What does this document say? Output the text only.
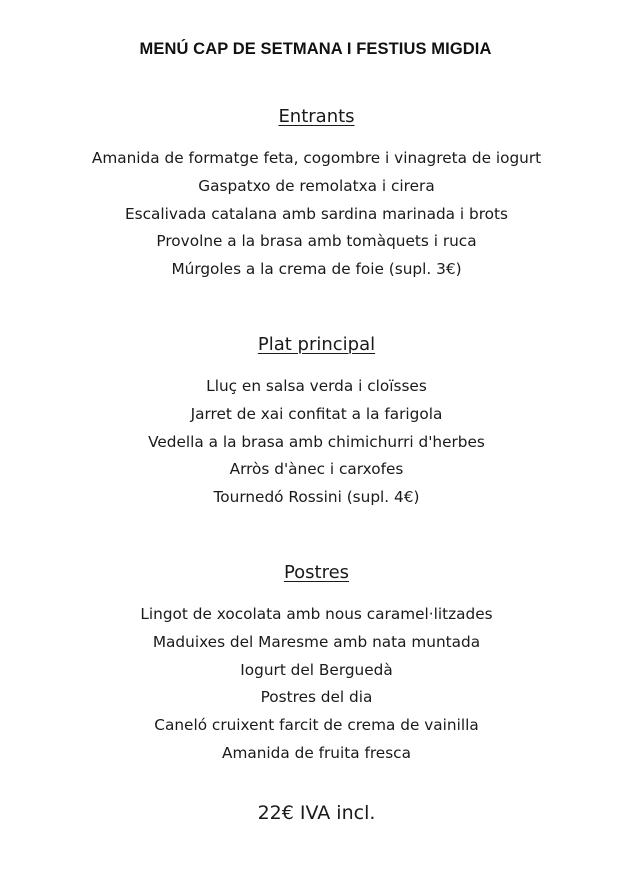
MENÚ CAP DE SETMANA I FESTIUS MIGDIA
Entrants
Amanida de formatge feta, cogombre i vinagreta de iogurt
Gaspatxo de remolatxa i cirera
Escalivada catalana amb sardina marinada i brots
Provolne a la brasa amb tomàquets i ruca
Múrgoles a la crema de foie (supl. 3€)
Plat principal
Lluç en salsa verda i cloïsses
Jarret de xai confitat a la farigola
Vedella a la brasa amb chimichurri d'herbes
Arròs d'ànec i carxofes
Tournedó Rossini (supl. 4€)
Postres
Lingot de xocolata amb nous caramel·litzades
Maduixes del Maresme amb nata muntada
Iogurt del Berguedà
Postres del dia
Caneló cruixent farcit de crema de vainilla
Amanida de fruita fresca
22€ IVA incl.
